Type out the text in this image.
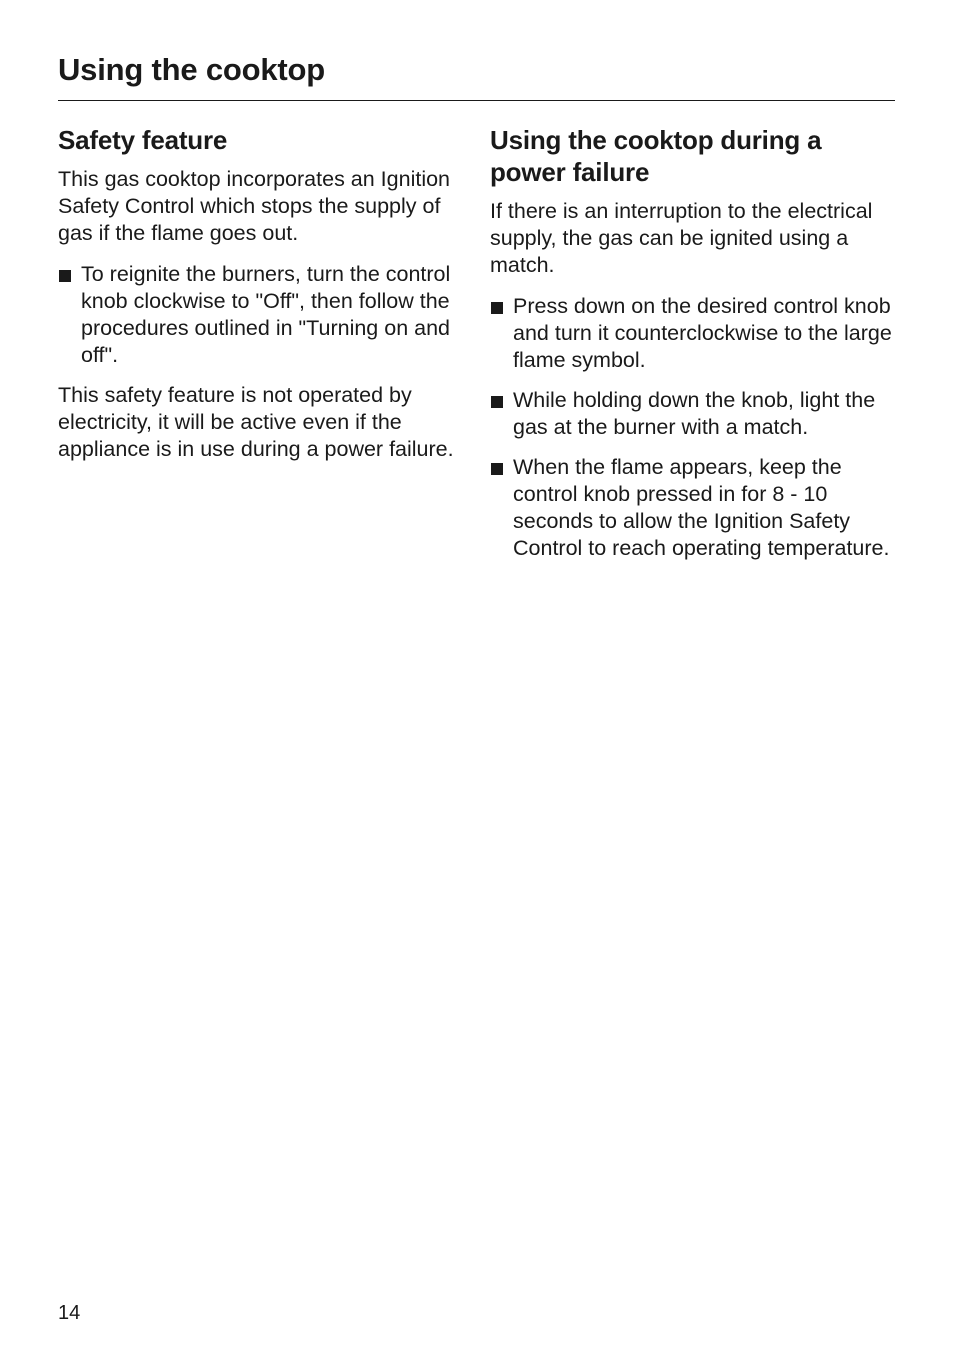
Using the cooktop
Safety feature

This gas cooktop incorporates an Ignition Safety Control which stops the supply of gas if the flame goes out.

To reignite the burners, turn the control knob clockwise to "Off", then follow the procedures outlined in "Turning on and off".

This safety feature is not operated by electricity, it will be active even if the appliance is in use during a power failure.

Using the cooktop during a power failure

If there is an interruption to the electrical supply, the gas can be ignited using a match.

Press down on the desired control knob and turn it counterclockwise to the large flame symbol.
While holding down the knob, light the gas at the burner with a match.
When the flame appears, keep the control knob pressed in for 8 - 10 seconds to allow the Ignition Safety Control to reach operating temperature.
14
